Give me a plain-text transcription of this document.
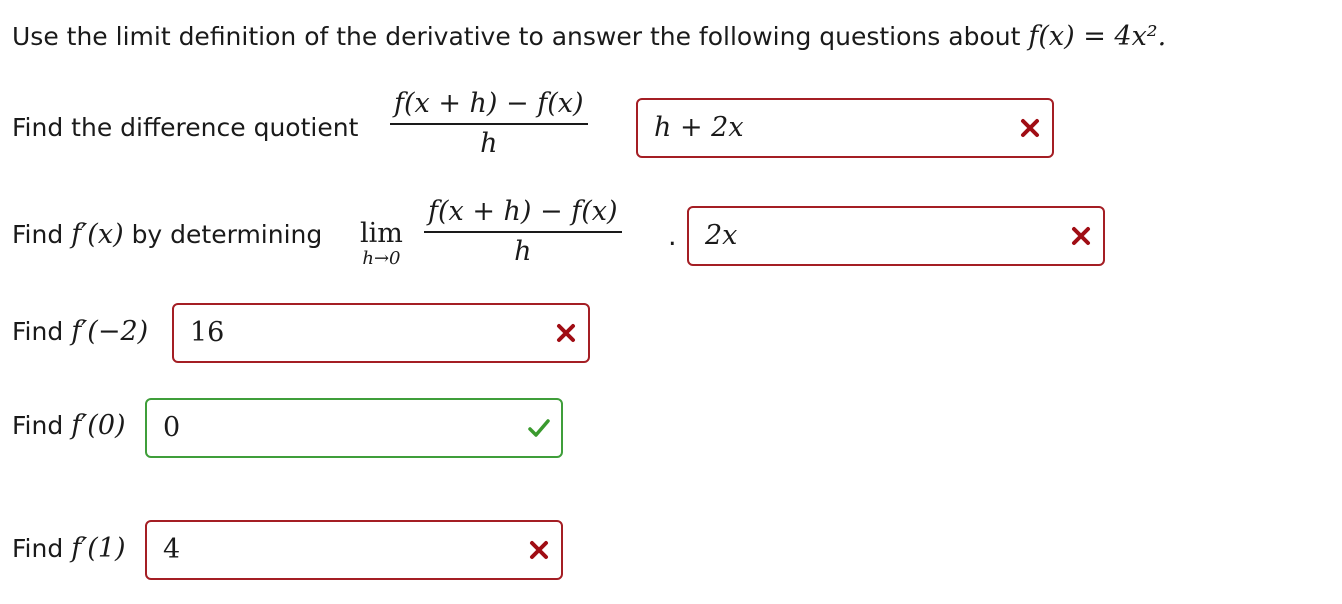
Use the limit definition of the derivative to answer the following questions about f(x) = 4x².
Find the difference quotient
f(x + h) − f(x)
h
h + 2x
Find f′(x) by determining lim
h→0
f(x + h) − f(x)
h	. 2x
Find f′(−2) 16
Find f′(0) 0
Find f′(1) 4
